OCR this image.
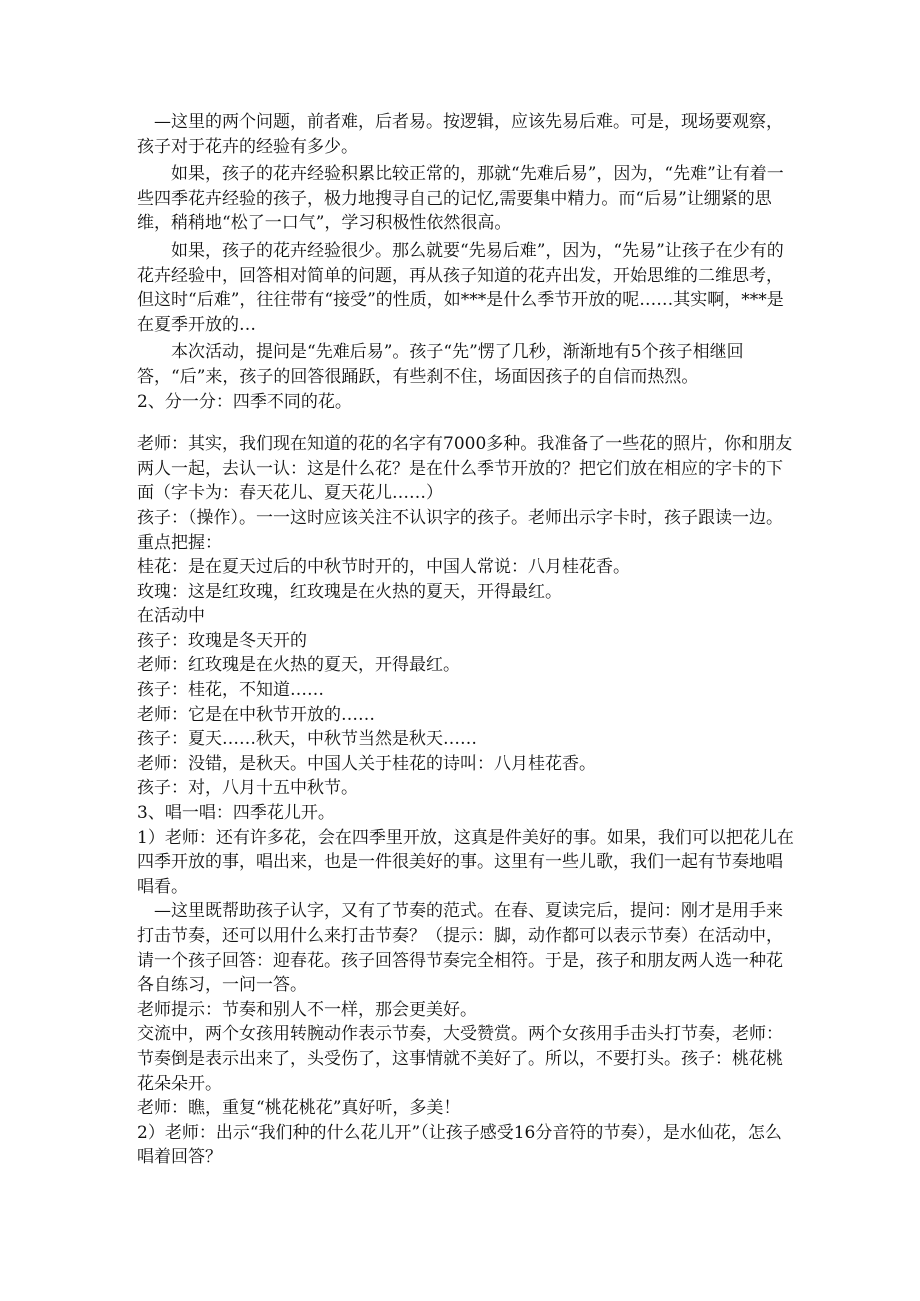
—这里的两个问题，前者难，后者易。按逻辑，应该先易后难。可是，现场要观察，孩子对于花卉的经验有多少。

如果，孩子的花卉经验积累比较正常的，那就“先难后易”，因为，“先难”让有着一些四季花卉经验的孩子，极力地搜寻自己的记忆,需要集中精力。而“后易”让绷紧的思维，稍稍地“松了一口气”，学习积极性依然很高。

如果，孩子的花卉经验很少。那么就要“先易后难”，因为，“先易”让孩子在少有的花卉经验中，回答相对简单的问题，再从孩子知道的花卉出发，开始思维的二维思考，但这时“后难”，往往带有“接受”的性质，如***是什么季节开放的呢……其实啊，***是在夏季开放的…

本次活动，提问是“先难后易”。孩子“先”愣了几秒，渐渐地有5个孩子相继回答，“后”来，孩子的回答很踊跃，有些刹不住，场面因孩子的自信而热烈。

2、分一分：四季不同的花。

老师：其实，我们现在知道的花的名字有7000多种。我准备了一些花的照片，你和朋友两人一起，去认一认：这是什么花？是在什么季节开放的？把它们放在相应的字卡的下面（字卡为：春天花儿、夏天花儿……）

孩子：（操作）。一一这时应该关注不认识字的孩子。老师出示字卡时，孩子跟读一边。

重点把握：

桂花：是在夏天过后的中秋节时开的，中国人常说：八月桂花香。

玫瑰：这是红玫瑰，红玫瑰是在火热的夏天，开得最红。

在活动中

孩子：玫瑰是冬天开的

老师：红玫瑰是在火热的夏天，开得最红。

孩子：桂花，不知道……

老师：它是在中秋节开放的……

孩子：夏天……秋天，中秋节当然是秋天……

老师：没错，是秋天。中国人关于桂花的诗叫：八月桂花香。

孩子：对，八月十五中秋节。

3、唱一唱：四季花儿开。

1）老师：还有许多花，会在四季里开放，这真是件美好的事。如果，我们可以把花儿在四季开放的事，唱出来，也是一件很美好的事。这里有一些儿歌，我们一起有节奏地唱唱看。

—这里既帮助孩子认字，又有了节奏的范式。在春、夏读完后，提问：刚才是用手来打击节奏，还可以用什么来打击节奏？（提示：脚，动作都可以表示节奏）在活动中，请一个孩子回答：迎春花。孩子回答得节奏完全相符。于是，孩子和朋友两人选一种花各自练习，一问一答。

老师提示：节奏和别人不一样，那会更美好。

交流中，两个女孩用转腕动作表示节奏，大受赞赏。两个女孩用手击头打节奏，老师：节奏倒是表示出来了，头受伤了，这事情就不美好了。所以，不要打头。孩子：桃花桃花朵朵开。

老师：瞧，重复“桃花桃花”真好听，多美！

2）老师：出示“我们种的什么花儿开”（让孩子感受16分音符的节奏），是水仙花，怎么唱着回答？
